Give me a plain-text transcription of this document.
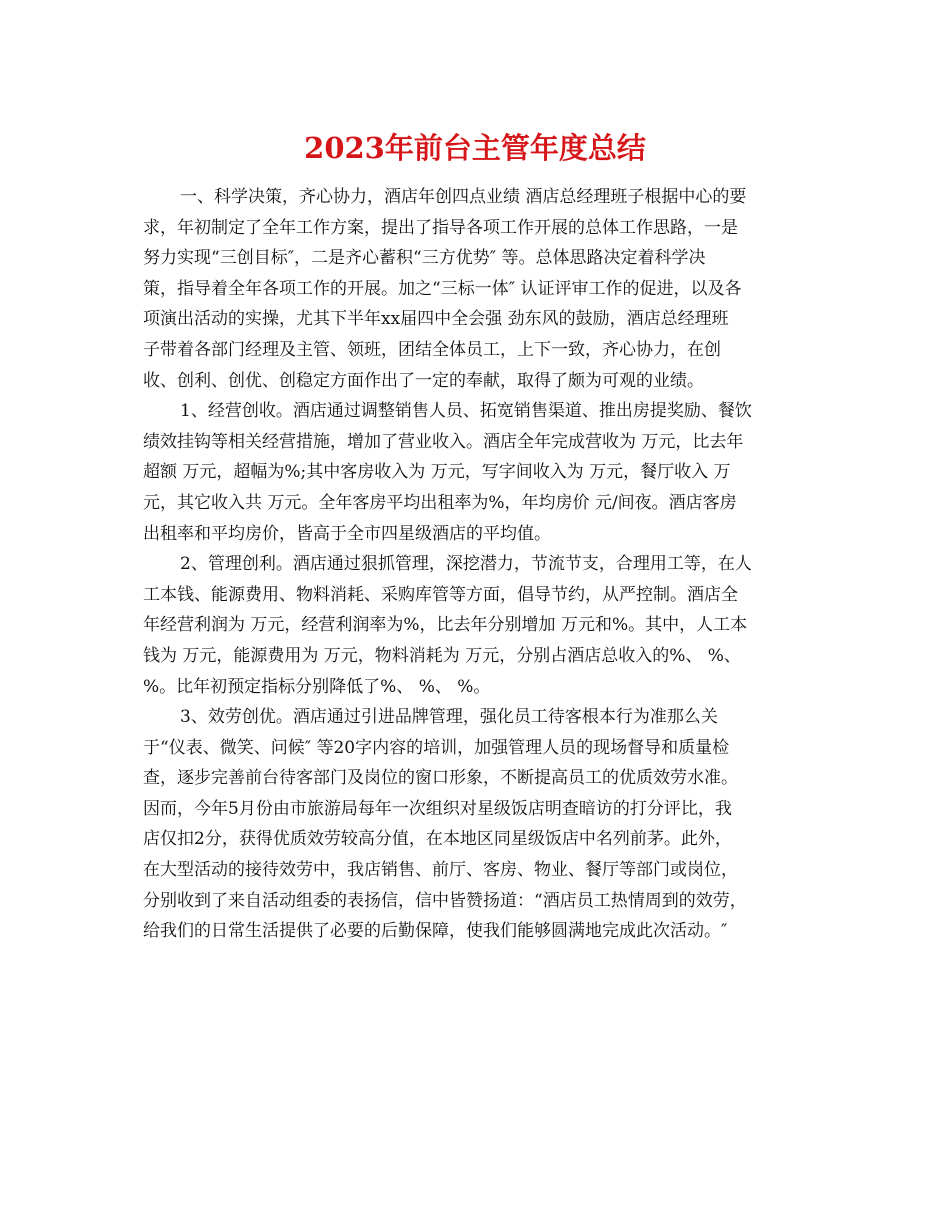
2023年前台主管年度总结
一、科学决策，齐心协力，酒店年创四点业绩 酒店总经理班子根据中心的要
求，年初制定了全年工作方案，提出了指导各项工作开展的总体工作思路，一是
努力实现“三创目标″，二是齐心蓄积“三方优势″ 等。总体思路决定着科学决
策，指导着全年各项工作的开展。加之“三标一体″ 认证评审工作的促进，以及各
项演出活动的实操，尤其下半年xx届四中全会强 劲东风的鼓励，酒店总经理班
子带着各部门经理及主管、领班，团结全体员工，上下一致，齐心协力，在创
收、创利、创优、创稳定方面作出了一定的奉献，取得了颇为可观的业绩。
1、经营创收。酒店通过调整销售人员、拓宽销售渠道、推出房提奖励、餐饮
绩效挂钩等相关经营措施，增加了营业收入。酒店全年完成营收为 万元，比去年
超额 万元，超幅为%;其中客房收入为 万元，写字间收入为 万元，餐厅收入 万
元，其它收入共 万元。全年客房平均出租率为%，年均房价 元/间夜。酒店客房
出租率和平均房价，皆高于全市四星级酒店的平均值。
2、管理创利。酒店通过狠抓管理，深挖潜力，节流节支，合理用工等，在人
工本钱、能源费用、物料消耗、采购库管等方面，倡导节约，从严控制。酒店全
年经营利润为 万元，经营利润率为%，比去年分别增加 万元和%。其中，人工本
钱为 万元，能源费用为 万元，物料消耗为 万元，分别占酒店总收入的%、 %、
%。比年初预定指标分别降低了%、 %、 %。
3、效劳创优。酒店通过引进品牌管理，强化员工待客根本行为准那么关
于“仪表、微笑、问候″ 等20字内容的培训，加强管理人员的现场督导和质量检
查，逐步完善前台待客部门及岗位的窗口形象，不断提高员工的优质效劳水准。
因而，今年5月份由市旅游局每年一次组织对星级饭店明查暗访的打分评比，我
店仅扣2分，获得优质效劳较高分值，在本地区同星级饭店中名列前茅。此外，
在大型活动的接待效劳中，我店销售、前厅、客房、物业、餐厅等部门或岗位，
分别收到了来自活动组委的表扬信，信中皆赞扬道：“酒店员工热情周到的效劳，
给我们的日常生活提供了必要的后勤保障，使我们能够圆满地完成此次活动。″
